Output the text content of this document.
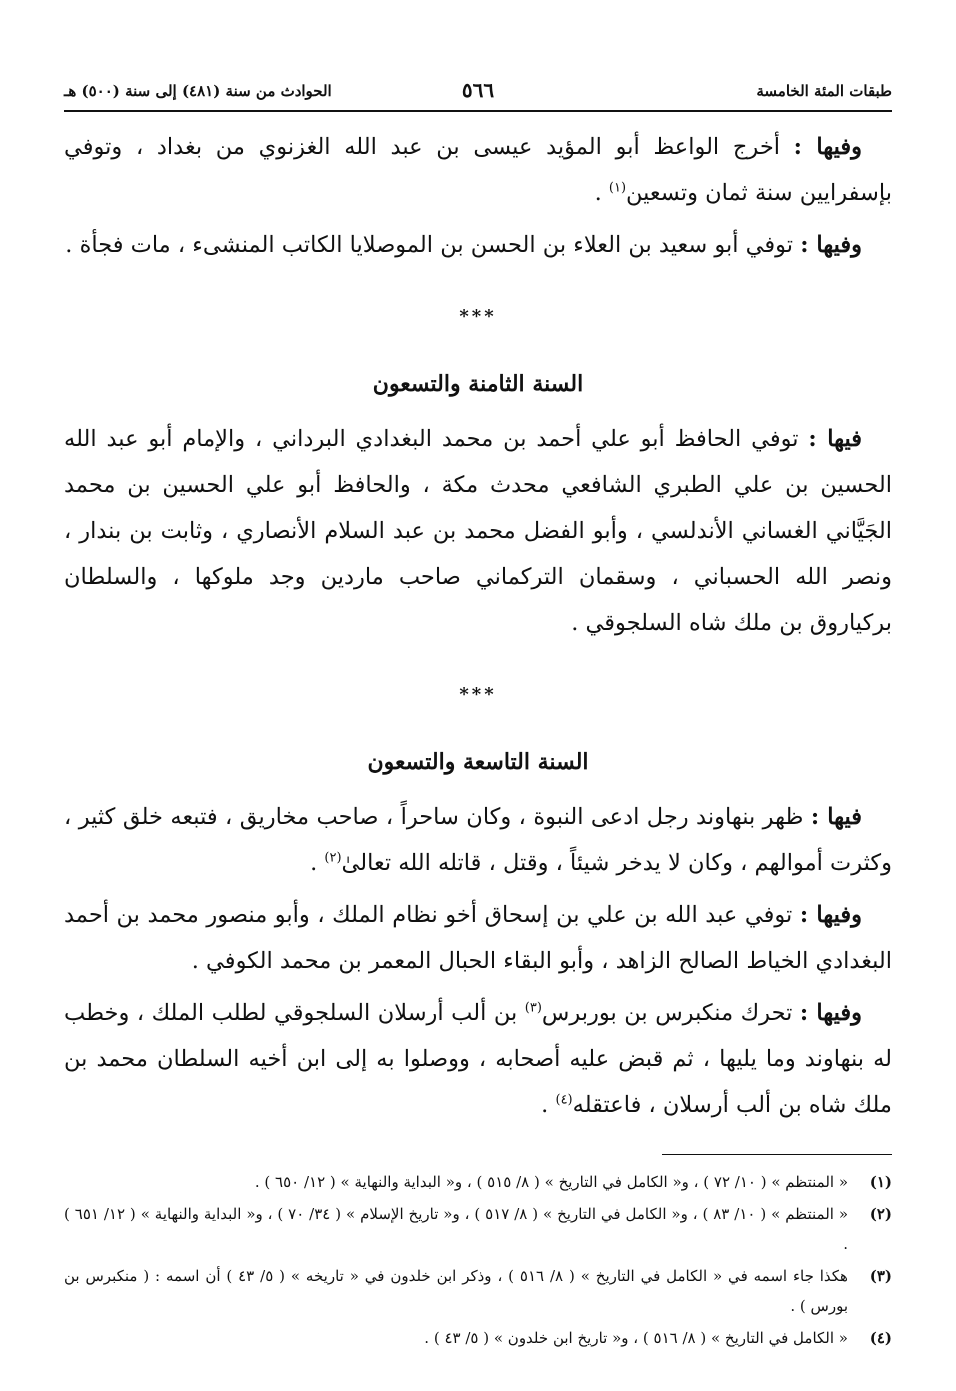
طبقات المئة الخامسة
٥٦٦
الحوادث من سنة (٤٨١) إلى سنة (٥٠٠) هـ

وفيها : أخرج الواعظ أبو المؤيد عيسى بن عبد الله الغزنوي من بغداد ، وتوفي بإسفرايين سنة ثمان وتسعين$^{(١)}$ .

وفيها : توفي أبو سعيد بن العلاء بن الحسن بن الموصلايا الكاتب المنشىء ، مات فجأة .

***
السنة الثامنة والتسعون

فيها : توفي الحافظ أبو علي أحمد بن محمد البغدادي البرداني ، والإمام أبو عبد الله الحسين بن علي الطبري الشافعي محدث مكة ، والحافظ أبو علي الحسين بن محمد الجَيَّاني الغساني الأندلسي ، وأبو الفضل محمد بن عبد السلام الأنصاري ، وثابت بن بندار ، ونصر الله الحسباني ، وسقمان التركماني صاحب ماردين وجد ملوكها ، والسلطان بركياروق بن ملك شاه السلجوقي .

***
السنة التاسعة والتسعون

فيها : ظهر بنهاوند رجل ادعى النبوة ، وكان ساحراً ، صاحب مخاريق ، فتبعه خلق كثير ، وكثرت أموالهم ، وكان لا يدخر شيئاً ، وقتل ، قاتله الله تعالىٰ$^{(٢)}$ .

وفيها : توفي عبد الله بن علي بن إسحاق أخو نظام الملك ، وأبو منصور محمد بن أحمد البغدادي الخياط الصالح الزاهد ، وأبو البقاء الحبال المعمر بن محمد الكوفي .

وفيها : تحرك منكبرس بن بوربرس$^{(٣)}$ بن ألب أرسلان السلجوقي لطلب الملك ، وخطب له بنهاوند وما يليها ، ثم قبض عليه أصحابه ، ووصلوا به إلى ابن أخيه السلطان محمد بن ملك شاه بن ألب أرسلان ، فاعتقله$^{(٤)}$ .

(١)
« المنتظم » ( ١٠/ ٧٢ ) ، و« الكامل في التاريخ » ( ٨/ ٥١٥ ) ، و« البداية والنهاية » ( ١٢/ ٦٥٠ ) .
(٢)
« المنتظم » ( ١٠/ ٨٣ ) ، و« الكامل في التاريخ » ( ٨/ ٥١٧ ) ، و« تاريخ الإسلام » ( ٣٤/ ٧٠ ) ، و« البداية والنهاية » ( ١٢/ ٦٥١ ) .
(٣)
هكذا جاء اسمه في « الكامل في التاريخ » ( ٨/ ٥١٦ ) ، وذكر ابن خلدون في « تاريخه » ( ٥/ ٤٣ ) أن اسمه : ( منكبرس بن بورس ) .
(٤)
« الكامل في التاريخ » ( ٨/ ٥١٦ ) ، و« تاريخ ابن خلدون » ( ٥/ ٤٣ ) .
